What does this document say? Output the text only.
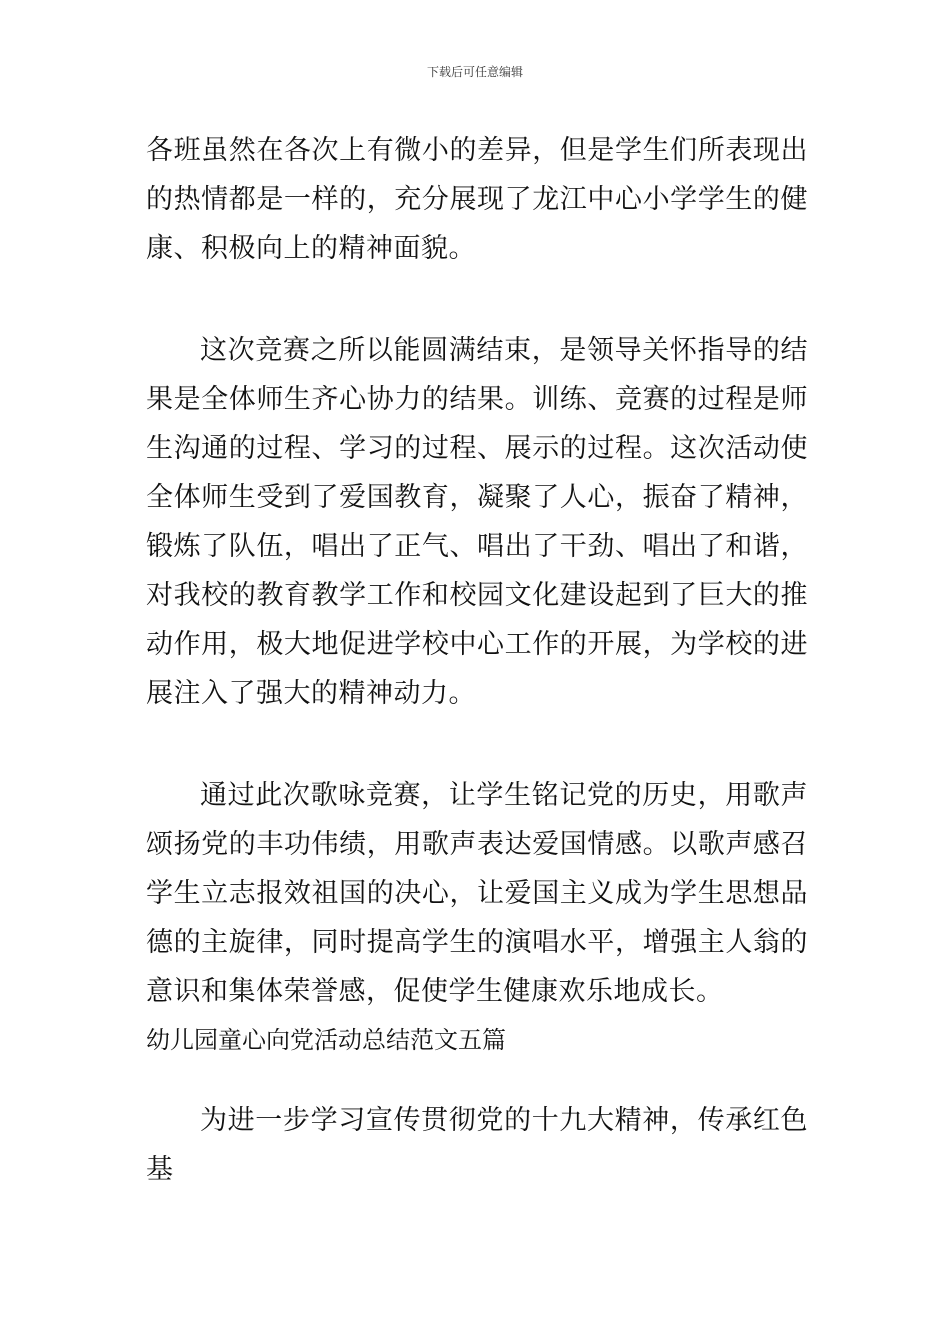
下载后可任意编辑

各班虽然在各次上有微小的差异，但是学生们所表现出的热情都是一样的，充分展现了龙江中心小学学生的健康、积极向上的精神面貌。

这次竞赛之所以能圆满结束，是领导关怀指导的结果是全体师生齐心协力的结果。训练、竞赛的过程是师生沟通的过程、学习的过程、展示的过程。这次活动使全体师生受到了爱国教育，凝聚了人心，振奋了精神，锻炼了队伍，唱出了正气、唱出了干劲、唱出了和谐，对我校的教育教学工作和校园文化建设起到了巨大的推动作用，极大地促进学校中心工作的开展，为学校的进展注入了强大的精神动力。

通过此次歌咏竞赛，让学生铭记党的历史，用歌声颂扬党的丰功伟绩，用歌声表达爱国情感。以歌声感召学生立志报效祖国的决心，让爱国主义成为学生思想品德的主旋律，同时提高学生的演唱水平，增强主人翁的意识和集体荣誉感，促使学生健康欢乐地成长。

幼儿园童心向党活动总结范文五篇

为进一步学习宣传贯彻党的十九大精神，传承红色基
